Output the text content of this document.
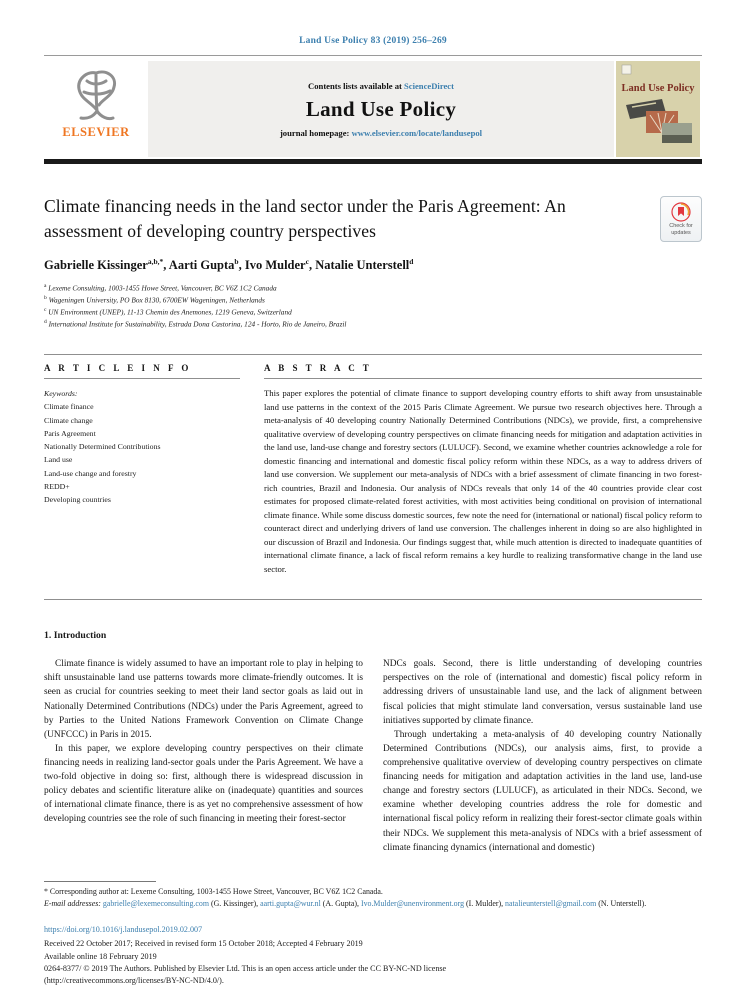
Land Use Policy 83 (2019) 256–269
ELSEVIER
Contents lists available at ScienceDirect
Land Use Policy
journal homepage: www.elsevier.com/locate/landusepol
Land Use Policy
Climate financing needs in the land sector under the Paris Agreement: An assessment of developing country perspectives	Check for updates
Gabrielle Kissinger$^{a,b,*}$, Aarti Gupta$^b$, Ivo Mulder$^c$, Natalie Unterstell$^d$
$^a$ Lexeme Consulting, 1003-1455 Howe Street, Vancouver, BC V6Z 1C2 Canada
$^b$ Wageningen University, PO Box 8130, 6700EW Wageningen, Netherlands
$^c$ UN Environment (UNEP), 11-13 Chemin des Anemones, 1219 Geneva, Switzerland
$^d$ International Institute for Sustainability, Estrada Dona Castorina, 124 - Horto, Rio de Janeiro, Brazil
A R T I C L E I N F O
Keywords:
Climate finance
Climate change
Paris Agreement
Nationally Determined Contributions
Land use
Land-use change and forestry
REDD+
Developing countries
A B S T R A C T
This paper explores the potential of climate finance to support developing country efforts to shift away from unsustainable land use patterns in the context of the 2015 Paris Climate Agreement. We pursue two research objectives here. Through a meta-analysis of 40 developing country Nationally Determined Contributions (NDCs), we provide, first, a comprehensive qualitative overview of developing country perspectives on climate financing needs for mitigation and adaptation activities in the land use, land-use change and forestry sectors (LULUCF). Second, we examine whether countries acknowledge a role for domestic financing and international and domestic fiscal policy reform within these NDCs, as a way to address drivers of land use conversion. We supplement our meta-analysis of NDCs with a brief assessment of climate financing in two forest-rich countries, Brazil and Indonesia. Our analysis of NDCs reveals that only 14 of the 40 countries provide clear cost estimates for proposed climate-related forest activities, with most activities being conditional on provision of international climate finance. While some discuss domestic sources, few note the need for (international or national) fiscal policy reform to counteract direct and underlying drivers of land use conversion. The challenges inherent in doing so are also highlighted in our discussion of Brazil and Indonesia. Our findings suggest that, while much attention is directed to inadequate quantities of international climate finance, a lack of fiscal reform remains a key hurdle to realizing transformative change in the land use sector.
1. Introduction

Climate finance is widely assumed to have an important role to play in helping to shift unsustainable land use patterns towards more climate-friendly outcomes. It is seen as crucial for countries seeking to meet their land sector goals as laid out in Nationally Determined Contributions (NDCs) under the Paris Agreement, agreed to by Parties to the United Nations Framework Convention on Climate Change (UNFCCC) in Paris in 2015.

In this paper, we explore developing country perspectives on their climate financing needs in realizing land-sector goals under the Paris Agreement. We have a two-fold objective in doing so: first, although there is widespread discussion in policy debates and scientific literature alike on (inadequate) quantities and sources of international climate finance, there is as yet no comprehensive assessment of how developing countries see the role of such financing in meeting their forest-sector

NDCs goals. Second, there is little understanding of developing countries perspectives on the role of (international and domestic) fiscal policy reform in addressing drivers of unsustainable land use, and the lack of alignment between fiscal policies that might stimulate land conversation, versus sustainable land use initiatives supported by climate finance.

Through undertaking a meta-analysis of 40 developing country Nationally Determined Contributions (NDCs), our analysis aims, first, to provide a comprehensive qualitative overview of developing country perspectives on climate financing needs for mitigation and adaptation activities in the land use, land-use change and forestry sectors (LULUCF), as articulated in their NDCs. Second, we examine whether developing countries address the role for domestic and international fiscal policy reform in realizing their forest-sector climate goals within their NDCs. We supplement this meta-analysis of NDCs with a brief assessment of climate financing dynamics (international and domestic)

* Corresponding author at: Lexeme Consulting, 1003-1455 Howe Street, Vancouver, BC V6Z 1C2 Canada.
E-mail addresses: gabrielle@lexemeconsulting.com (G. Kissinger), aarti.gupta@wur.nl (A. Gupta), Ivo.Mulder@unenvironment.org (I. Mulder), natalieunterstell@gmail.com (N. Unterstell).
https://doi.org/10.1016/j.landusepol.2019.02.007
Received 22 October 2017; Received in revised form 15 October 2018; Accepted 4 February 2019
Available online 18 February 2019
0264-8377/ © 2019 The Authors. Published by Elsevier Ltd. This is an open access article under the CC BY-NC-ND license
(http://creativecommons.org/licenses/BY-NC-ND/4.0/).
